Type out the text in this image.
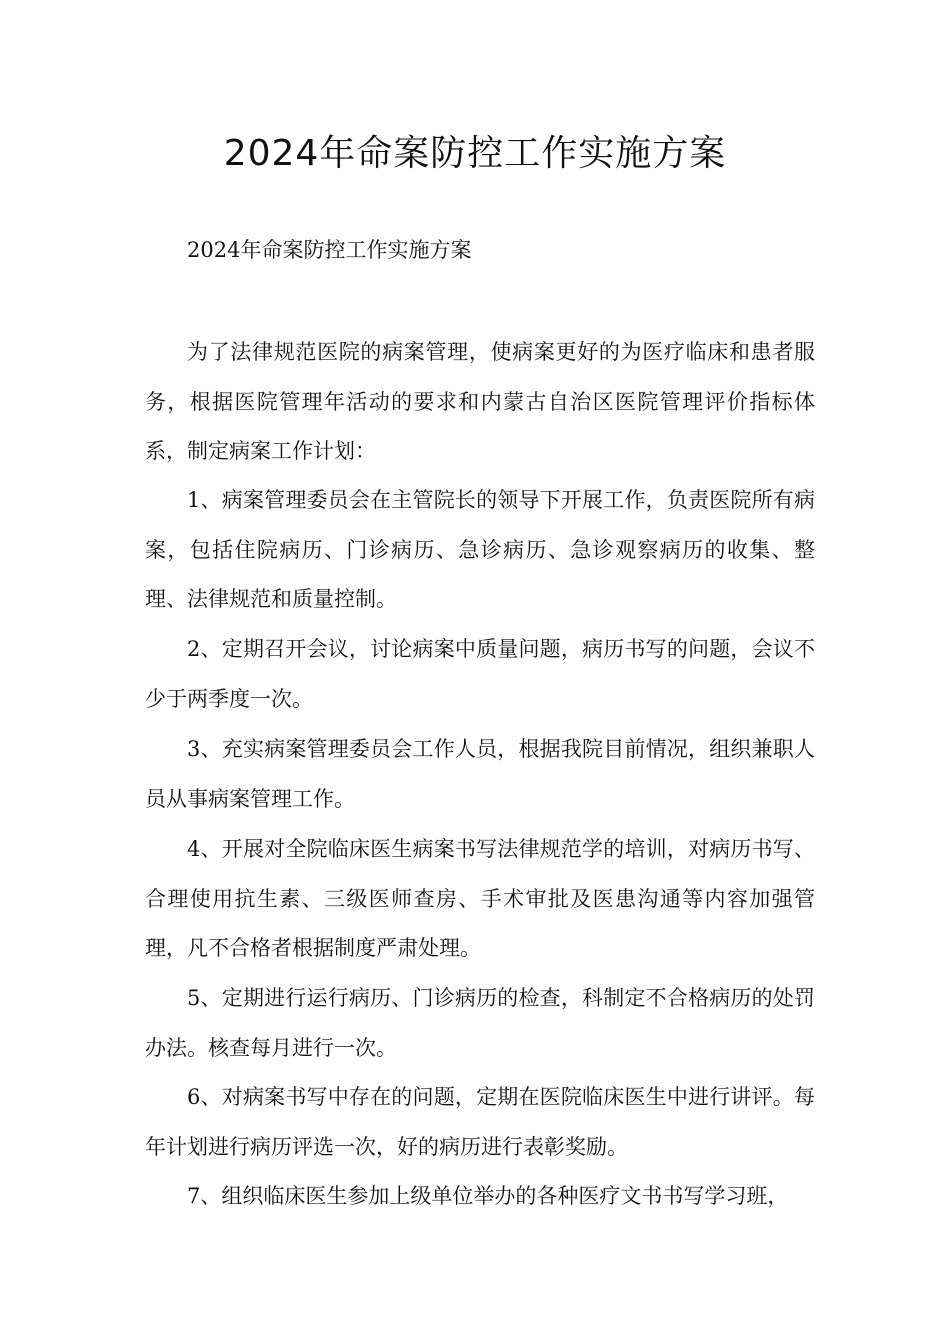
2024年命案防控工作实施方案

2024年命案防控工作实施方案

为了法律规范医院的病案管理，使病案更好的为医疗临床和患者服务，根据医院管理年活动的要求和内蒙古自治区医院管理评价指标体系，制定病案工作计划：

1、病案管理委员会在主管院长的领导下开展工作，负责医院所有病案，包括住院病历、门诊病历、急诊病历、急诊观察病历的收集、整理、法律规范和质量控制。

2、定期召开会议，讨论病案中质量问题，病历书写的问题，会议不少于两季度一次。

3、充实病案管理委员会工作人员，根据我院目前情况，组织兼职人员从事病案管理工作。

4、开展对全院临床医生病案书写法律规范学的培训，对病历书写、合理使用抗生素、三级医师查房、手术审批及医患沟通等内容加强管理，凡不合格者根据制度严肃处理。

5、定期进行运行病历、门诊病历的检查，科制定不合格病历的处罚办法。核查每月进行一次。

6、对病案书写中存在的问题，定期在医院临床医生中进行讲评。每年计划进行病历评选一次，好的病历进行表彰奖励。

7、组织临床医生参加上级单位举办的各种医疗文书书写学习班，
